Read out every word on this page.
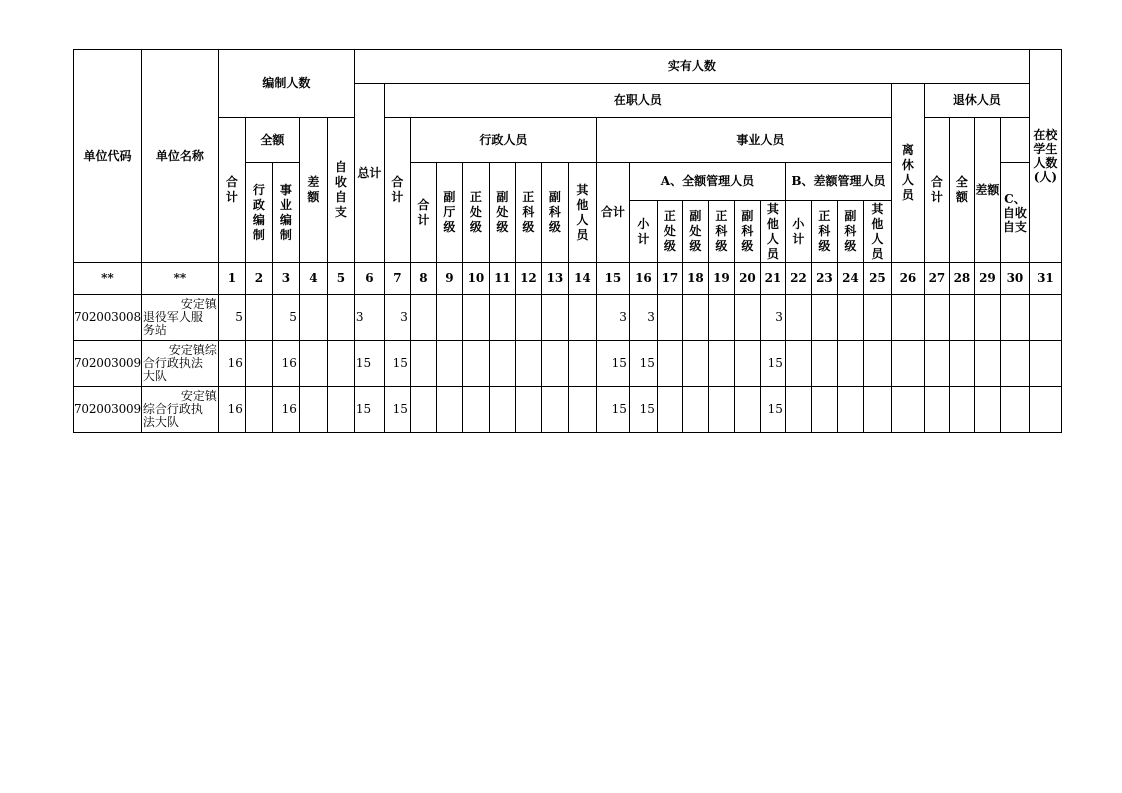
单位代码	单位名称	编制人数					实有人数																									在校学生人数(人)
							总计	在职人员																			离休人员	退休人员				
		合计	全额		差额	自收自支		合计	行政人员							事业人员												合计	全额	差额		
			行政编制	事业编制					合计	副厅级	正处级	副处级	正科级	副科级	其他人员	合计	A、全额管理人员						B、差额管理人员								C、自收自支	
																	小计	正处级	副处级	正科级	副科级	其他人员	小计	正科级	副科级	其他人员						
**	**	1	2	3	4	5	6	7	8	9	10	11	12	13	14	15	16	17	18	19	20	21	22	23	24	25	26	27	28	29	30	31
702003008	安定镇
退役军人服
务站	5		5			3	3								3	3					3										
702003009	安定镇综
合行政执法
大队	16		16			15	15								15	15					15										
702003009	安定镇
综合行政执
法大队	16		16			15	15								15	15					15										
